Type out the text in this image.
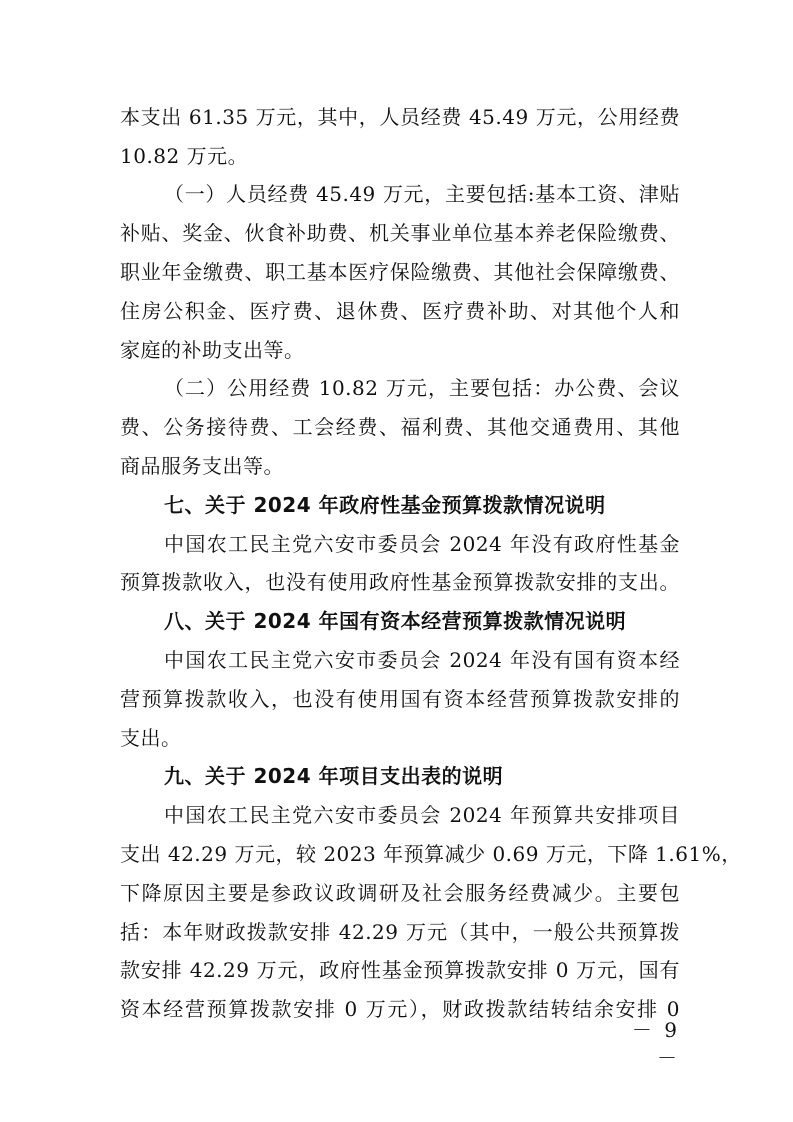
本支出 61.35 万元，其中，人员经费 45.49 万元，公用经费
10.82 万元。
（一）人员经费 45.49 万元，主要包括:基本工资、津贴
补贴、奖金、伙食补助费、机关事业单位基本养老保险缴费、
职业年金缴费、职工基本医疗保险缴费、其他社会保障缴费、
住房公积金、医疗费、退休费、医疗费补助、对其他个人和
家庭的补助支出等。
（二）公用经费 10.82 万元，主要包括：办公费、会议
费、公务接待费、工会经费、福利费、其他交通费用、其他
商品服务支出等。
七、关于 2024 年政府性基金预算拨款情况说明
中国农工民主党六安市委员会 2024 年没有政府性基金
预算拨款收入，也没有使用政府性基金预算拨款安排的支出。
八、关于 2024 年国有资本经营预算拨款情况说明
中国农工民主党六安市委员会 2024 年没有国有资本经
营预算拨款收入，也没有使用国有资本经营预算拨款安排的
支出。
九、关于 2024 年项目支出表的说明
中国农工民主党六安市委员会 2024 年预算共安排项目
支出 42.29 万元，较 2023 年预算减少 0.69 万元，下降 1.61%，
下降原因主要是参政议政调研及社会服务经费减少。主要包
括：本年财政拨款安排 42.29 万元（其中，一般公共预算拨
款安排 42.29 万元，政府性基金预算拨款安排 0 万元，国有
资本经营预算拨款安排 0 万元），财政拨款结转结余安排 0
－ 9 －
